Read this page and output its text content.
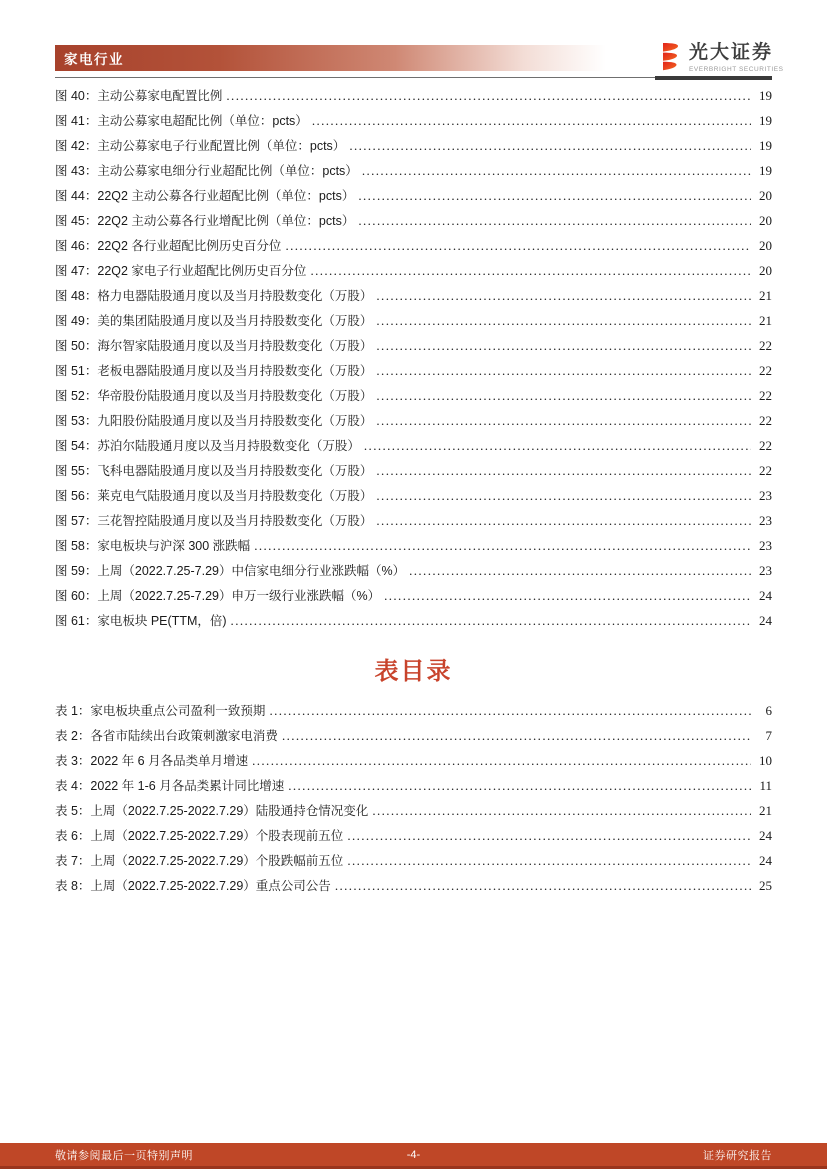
家电行业	光大证券
EVERBRIGHT SECURITIES
图 40：主动公募家电配置比例 .....	19
图 41：主动公募家电超配比例（单位：pcts） .....	19
图 42：主动公募家电子行业配置比例（单位：pcts） .....	19
图 43：主动公募家电细分行业超配比例（单位：pcts） .....	19
图 44：22Q2 主动公募各行业超配比例（单位：pcts） .....	20
图 45：22Q2 主动公募各行业增配比例（单位：pcts） .....	20
图 46：22Q2 各行业超配比例历史百分位 .....	20
图 47：22Q2 家电子行业超配比例历史百分位 .....	20
图 48：格力电器陆股通月度以及当月持股数变化（万股） .....	21
图 49：美的集团陆股通月度以及当月持股数变化（万股） .....	21
图 50：海尔智家陆股通月度以及当月持股数变化（万股） .....	22
图 51：老板电器陆股通月度以及当月持股数变化（万股） .....	22
图 52：华帝股份陆股通月度以及当月持股数变化（万股） .....	22
图 53：九阳股份陆股通月度以及当月持股数变化（万股） .....	22
图 54：苏泊尔陆股通月度以及当月持股数变化（万股） .....	22
图 55：飞科电器陆股通月度以及当月持股数变化（万股） .....	22
图 56：莱克电气陆股通月度以及当月持股数变化（万股） .....	23
图 57：三花智控陆股通月度以及当月持股数变化（万股） .....	23
图 58：家电板块与沪深 300 涨跌幅 .....	23
图 59：上周（2022.7.25-7.29）中信家电细分行业涨跌幅（%） .....	23
图 60：上周（2022.7.25-7.29）申万一级行业涨跌幅（%） .....	24
图 61：家电板块 PE(TTM，倍) .....	24
表目录
表 1：家电板块重点公司盈利一致预期 .....	6
表 2：各省市陆续出台政策刺激家电消费 .....	7
表 3：2022 年 6 月各品类单月增速 .....	10
表 4：2022 年 1-6 月各品类累计同比增速 .....	11
表 5：上周（2022.7.25-2022.7.29）陆股通持仓情况变化 .....	21
表 6：上周（2022.7.25-2022.7.29）个股表现前五位 .....	24
表 7：上周（2022.7.25-2022.7.29）个股跌幅前五位 .....	24
表 8：上周（2022.7.25-2022.7.29）重点公司公告 .....	25
敬请参阅最后一页特别声明	-4-	证券研究报告
